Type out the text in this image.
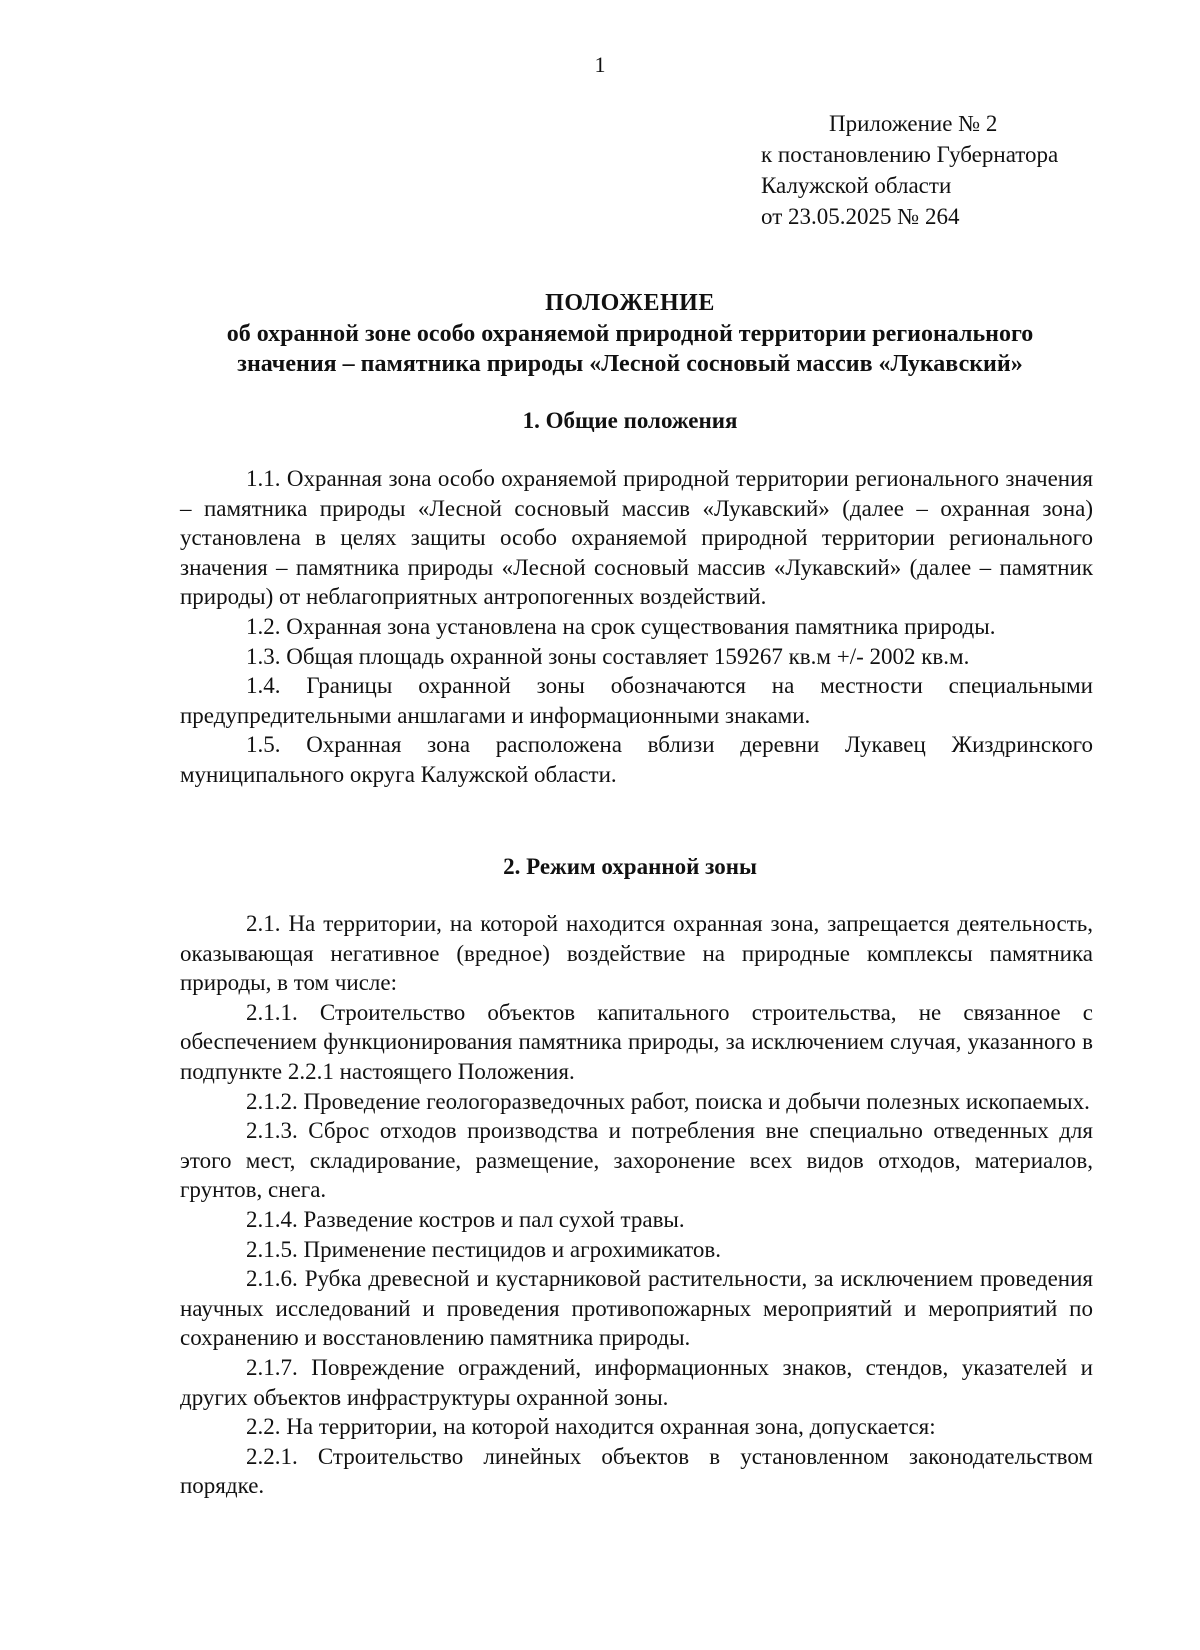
1
Приложение № 2
к постановлению Губернатора
Калужской области
от 23.05.2025 № 264
ПОЛОЖЕНИЕ
об охранной зоне особо охраняемой природной территории регионального
значения – памятника природы «Лесной сосновый массив «Лукавский»
1. Общие положения

1.1. Охранная зона особо охраняемой природной территории регионального значения – памятника природы «Лесной сосновый массив «Лукавский» (далее – охранная зона) установлена в целях защиты особо охраняемой природной территории регионального значения – памятника природы «Лесной сосновый массив «Лукавский» (далее – памятник природы) от неблагоприятных антропогенных воздействий.

1.2. Охранная зона установлена на срок существования памятника природы.

1.3. Общая площадь охранной зоны составляет 159267 кв.м +/- 2002 кв.м.

1.4. Границы охранной зоны обозначаются на местности специальными предупредительными аншлагами и информационными знаками.

1.5. Охранная зона расположена вблизи деревни Лукавец Жиздринского муниципального округа Калужской области.

2. Режим охранной зоны

2.1. На территории, на которой находится охранная зона, запрещается деятельность, оказывающая негативное (вредное) воздействие на природные комплексы памятника природы, в том числе:

2.1.1. Строительство объектов капитального строительства, не связанное с обеспечением функционирования памятника природы, за исключением случая, указанного в подпункте 2.2.1 настоящего Положения.

2.1.2. Проведение геологоразведочных работ, поиска и добычи полезных ископаемых.

2.1.3. Сброс отходов производства и потребления вне специально отведенных для этого мест, складирование, размещение, захоронение всех видов отходов, материалов, грунтов, снега.

2.1.4. Разведение костров и пал сухой травы.

2.1.5. Применение пестицидов и агрохимикатов.

2.1.6. Рубка древесной и кустарниковой растительности, за исключением проведения научных исследований и проведения противопожарных мероприятий и мероприятий по сохранению и восстановлению памятника природы.

2.1.7. Повреждение ограждений, информационных знаков, стендов, указателей и других объектов инфраструктуры охранной зоны.

2.2. На территории, на которой находится охранная зона, допускается:

2.2.1. Строительство линейных объектов в установленном законодательством порядке.
